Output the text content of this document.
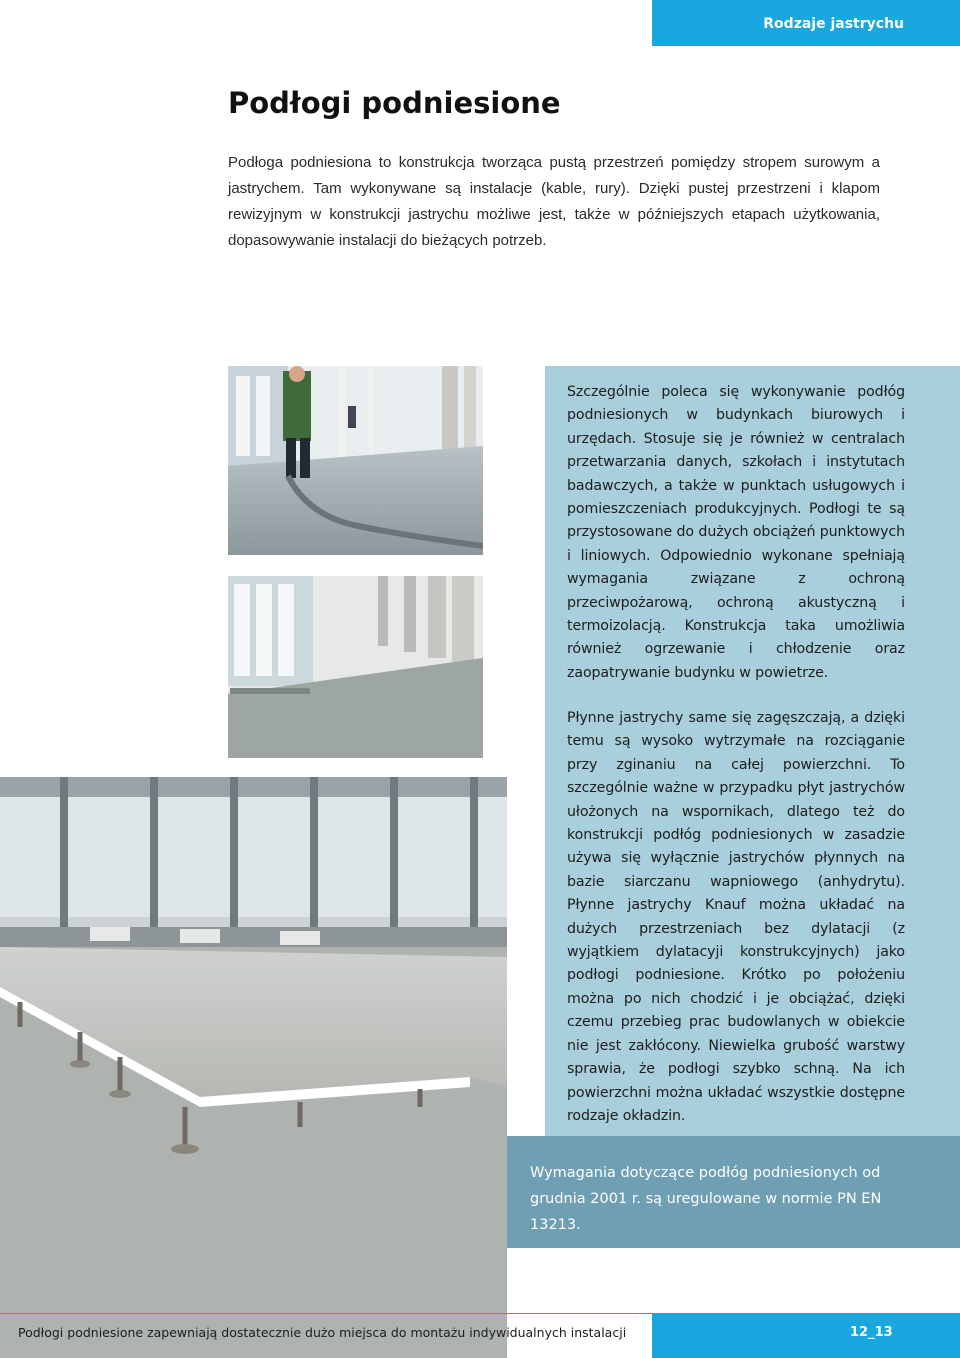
Rodzaje jastrychu
Podłogi podniesione

Podłoga podniesiona to konstrukcja tworząca pustą przestrzeń pomiędzy stropem surowym a jastrychem. Tam wykonywane są instalacje (kable, rury). Dzięki pustej przestrzeni i klapom rewizyjnym w konstrukcji jastrychu możliwe jest, także w późniejszych etapach użytkowania, dopasowywanie instalacji do bieżących potrzeb.

Szczególnie poleca się wykonywanie podłóg podniesionych w budynkach biurowych i urzędach. Stosuje się je również w centralach przetwarzania danych, szkołach i instytutach badawczych, a także w punktach usługowych i pomieszczeniach produkcyjnych. Podłogi te są przystosowane do dużych obciążeń punktowych i liniowych. Odpowiednio wykonane spełniają wymagania związane z ochroną przeciwpożarową, ochroną akustyczną i termoizolacją. Konstrukcja taka umożliwia również ogrzewanie i chłodzenie oraz zaopatrywanie budynku w powietrze.

Płynne jastrychy same się zagęszczają, a dzięki temu są wysoko wytrzymałe na rozciąganie przy zginaniu na całej powierzchni. To szczególnie ważne w przypadku płyt jastrychów ułożonych na wspornikach, dlatego też do konstrukcji podłóg podniesionych w zasadzie używa się wyłącznie jastrychów płynnych na bazie siarczanu wapniowego (anhydrytu). Płynne jastrychy Knauf można układać na dużych przestrzeniach bez dylatacji (z wyjątkiem dylatacyji konstrukcyjnych) jako podłogi podniesione. Krótko po położeniu można po nich chodzić i je obciążać, dzięki czemu przebieg prac budowlanych w obiekcie nie jest zakłócony. Niewielka grubość warstwy sprawia, że podłogi szybko schną. Na ich powierzchni można układać wszystkie dostępne rodzaje okładzin.

Wymagania dotyczące podłóg podniesionych od grudnia 2001 r. są uregulowane w normie PN EN 13213.

Podłogi podniesione zapewniają dostatecznie dużo miejsca do montażu indywidualnych instalacji	12_13
